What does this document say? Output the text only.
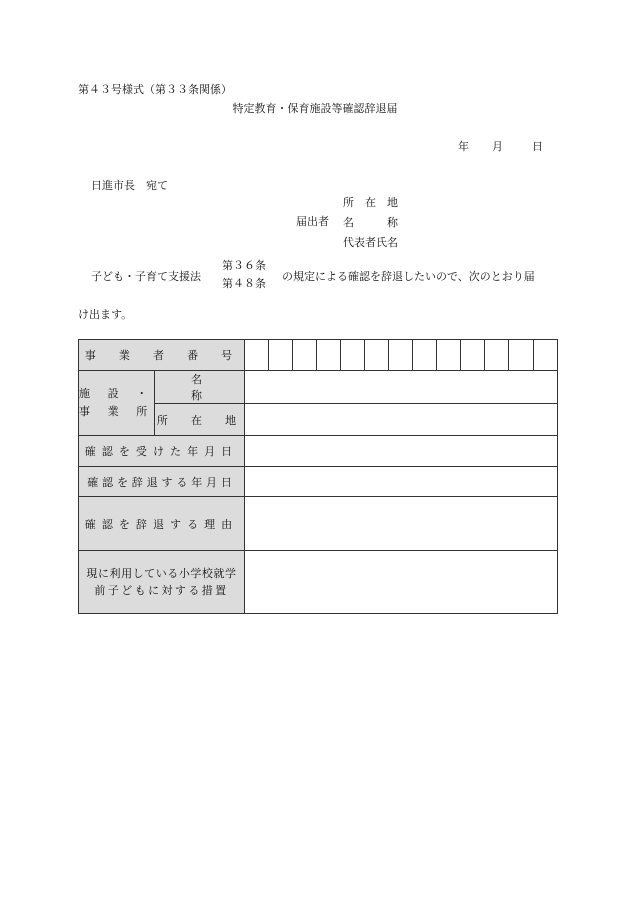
第４３号様式（第３３条関係）
特定教育・保育施設等確認辞退届
年 月	日
日進市長　宛て
届出者
所　在　地
名　　　称
代表者氏名
子ども・子育て支援法
第３６条
第４８条
の規定による確認を辞退したいので、次のとおり届
け出ます。
事　業　者　番　号														

施　設　・
事　業　所	名　　　　称													
	所　在　地													
確認を受けた年月日														
確認を辞退する年月日														
確認を辞退する理由														

現に利用している小学校就学
前子どもに対する措置														
